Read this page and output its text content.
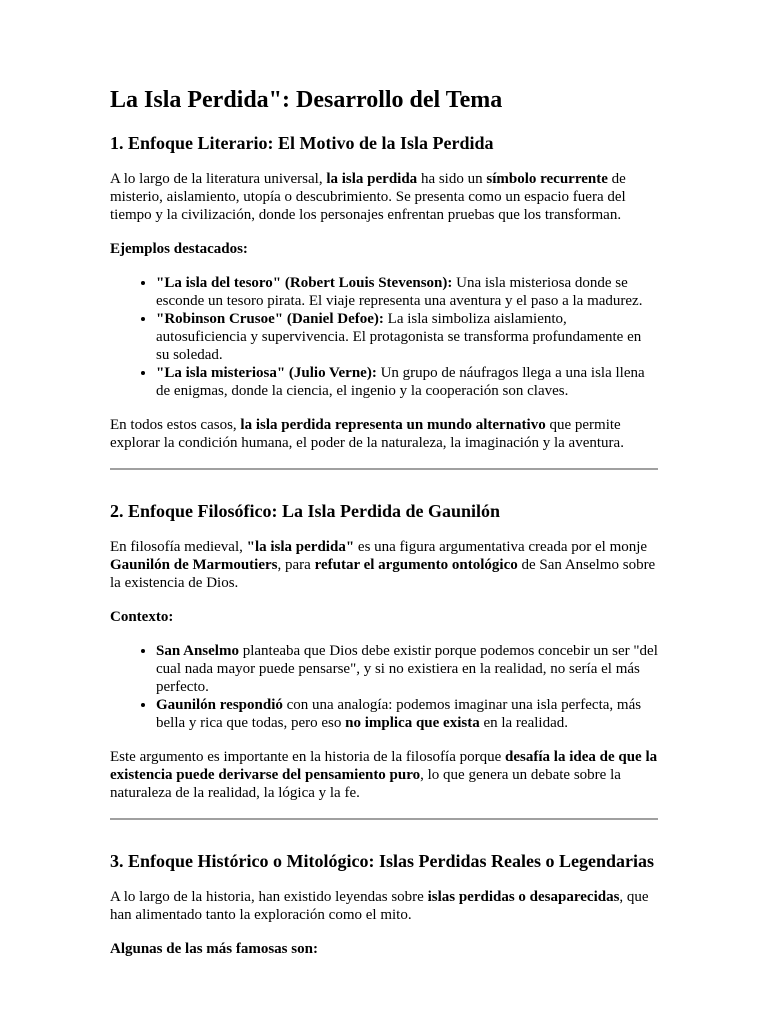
La Isla Perdida": Desarrollo del Tema
1. Enfoque Literario: El Motivo de la Isla Perdida

A lo largo de la literatura universal, la isla perdida ha sido un símbolo recurrente de misterio, aislamiento, utopía o descubrimiento. Se presenta como un espacio fuera del tiempo y la civilización, donde los personajes enfrentan pruebas que los transforman.

Ejemplos destacados:

• "La isla del tesoro" (Robert Louis Stevenson): Una isla misteriosa donde se esconde un tesoro pirata. El viaje representa una aventura y el paso a la madurez.
• "Robinson Crusoe" (Daniel Defoe): La isla simboliza aislamiento, autosuficiencia y supervivencia. El protagonista se transforma profundamente en su soledad.
• "La isla misteriosa" (Julio Verne): Un grupo de náufragos llega a una isla llena de enigmas, donde la ciencia, el ingenio y la cooperación son claves.

En todos estos casos, la isla perdida representa un mundo alternativo que permite explorar la condición humana, el poder de la naturaleza, la imaginación y la aventura.

2. Enfoque Filosófico: La Isla Perdida de Gaunilón

En filosofía medieval, "la isla perdida" es una figura argumentativa creada por el monje Gaunilón de Marmoutiers, para refutar el argumento ontológico de San Anselmo sobre la existencia de Dios.

Contexto:

• San Anselmo planteaba que Dios debe existir porque podemos concebir un ser "del cual nada mayor puede pensarse", y si no existiera en la realidad, no sería el más perfecto.
• Gaunilón respondió con una analogía: podemos imaginar una isla perfecta, más bella y rica que todas, pero eso no implica que exista en la realidad.

Este argumento es importante en la historia de la filosofía porque desafía la idea de que la existencia puede derivarse del pensamiento puro, lo que genera un debate sobre la naturaleza de la realidad, la lógica y la fe.

3. Enfoque Histórico o Mitológico: Islas Perdidas Reales o Legendarias

A lo largo de la historia, han existido leyendas sobre islas perdidas o desaparecidas, que han alimentado tanto la exploración como el mito.

Algunas de las más famosas son:
